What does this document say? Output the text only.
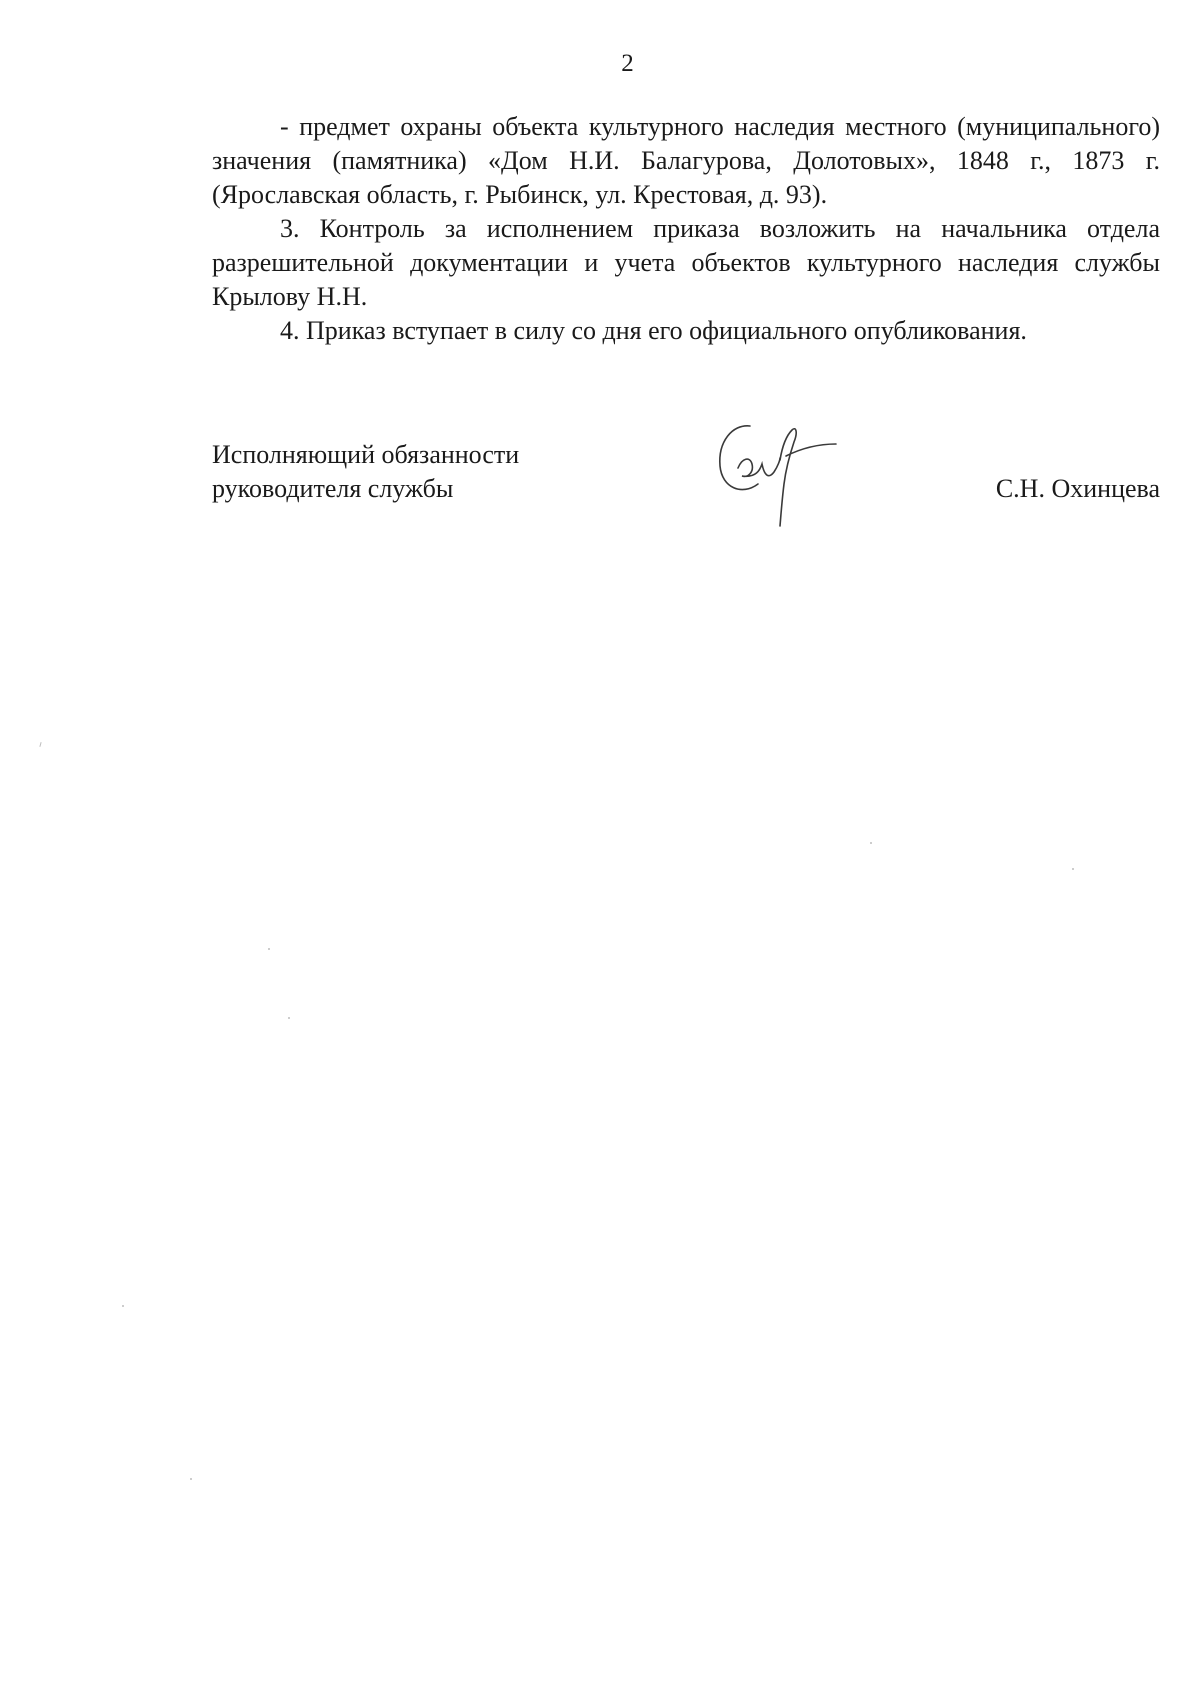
2

- предмет охраны объекта культурного наследия местного (муниципального) значения (памятника) «Дом Н.И. Балагурова, Долотовых», 1848 г., 1873 г. (Ярославская область, г. Рыбинск, ул. Крестовая, д. 93).

3. Контроль за исполнением приказа возложить на начальника отдела разрешительной документации и учета объектов культурного наследия службы Крылову Н.Н.

4. Приказ вступает в силу со дня его официального опубликования.

Исполняющий обязанности
руководителя службы	С.Н. Охинцева
